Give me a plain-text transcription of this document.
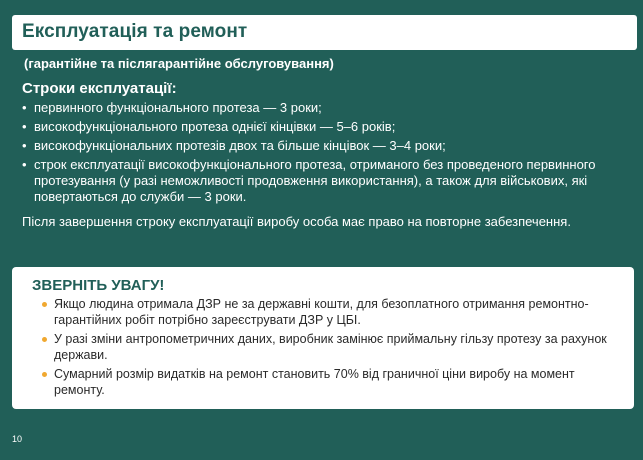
Експлуатація та ремонт
(гарантійне та післягарантійне обслуговування)
Строки експлуатації:
• первинного функціонального протеза — 3 роки;
• високофункціонального протеза однієї кінцівки — 5–6 років;
• високофункціональних протезів двох та більше кінцівок — 3–4 роки;
• строк експлуатації високофункціонального протеза, отриманого без проведеного первинного протезування (у разі неможливості продовження використання), а також для військових, які повертаються до служби — 3 роки.
Після завершення строку експлуатації виробу особа має право на повторне забезпечення.
ЗВЕРНІТЬ УВАГУ!
Якщо людина отримала ДЗР не за державні кошти, для безоплатного отримання ремонтно-гарантійних робіт потрібно зареєструвати ДЗР у ЦБІ.
У разі зміни антропометричних даних, виробник замінює приймальну гільзу протезу за рахунок держави.
Сумарний розмір видатків на ремонт становить 70% від граничної ціни виробу на момент ремонту.
10
